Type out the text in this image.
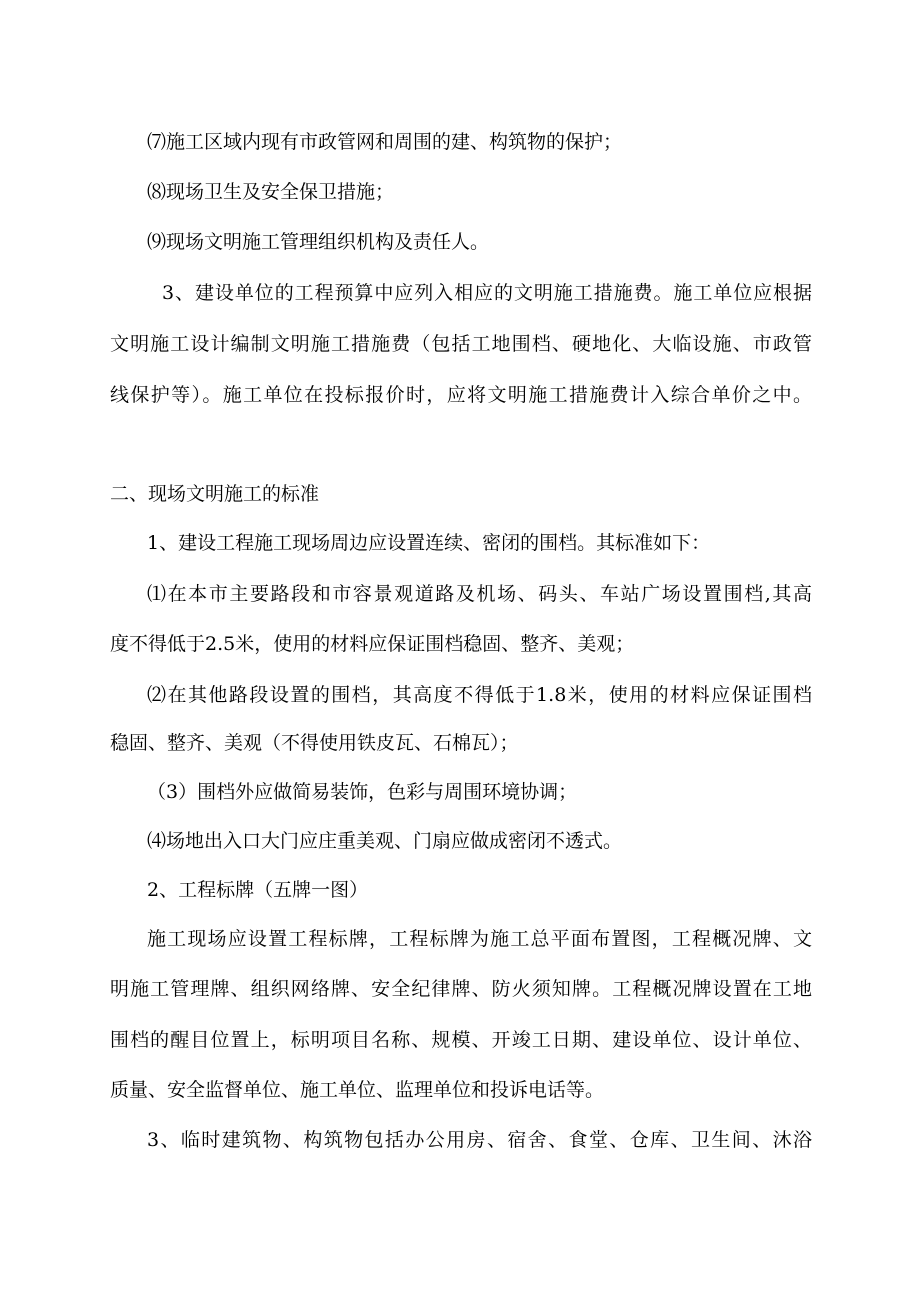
⑺施工区域内现有市政管网和周围的建、构筑物的保护；
⑻现场卫生及安全保卫措施；
⑼现场文明施工管理组织机构及责任人。
3、建设单位的工程预算中应列入相应的文明施工措施费。施工单位应根据
文明施工设计编制文明施工措施费（包括工地围档、硬地化、大临设施、市政管
线保护等）。施工单位在投标报价时，应将文明施工措施费计入综合单价之中。
二、现场文明施工的标准
1、建设工程施工现场周边应设置连续、密闭的围档。其标准如下：
⑴在本市主要路段和市容景观道路及机场、码头、车站广场设置围档,其高
度不得低于2.5米，使用的材料应保证围档稳固、整齐、美观；
⑵在其他路段设置的围档，其高度不得低于1.8米，使用的材料应保证围档
稳固、整齐、美观（不得使用铁皮瓦、石棉瓦）；
（3）围档外应做简易装饰，色彩与周围环境协调；
⑷场地出入口大门应庄重美观、门扇应做成密闭不透式。
2、工程标牌（五牌一图）
施工现场应设置工程标牌，工程标牌为施工总平面布置图，工程概况牌、文
明施工管理牌、组织网络牌、安全纪律牌、防火须知牌。工程概况牌设置在工地
围档的醒目位置上，标明项目名称、规模、开竣工日期、建设单位、设计单位、
质量、安全监督单位、施工单位、监理单位和投诉电话等。
3、临时建筑物、构筑物包括办公用房、宿舍、食堂、仓库、卫生间、沐浴
